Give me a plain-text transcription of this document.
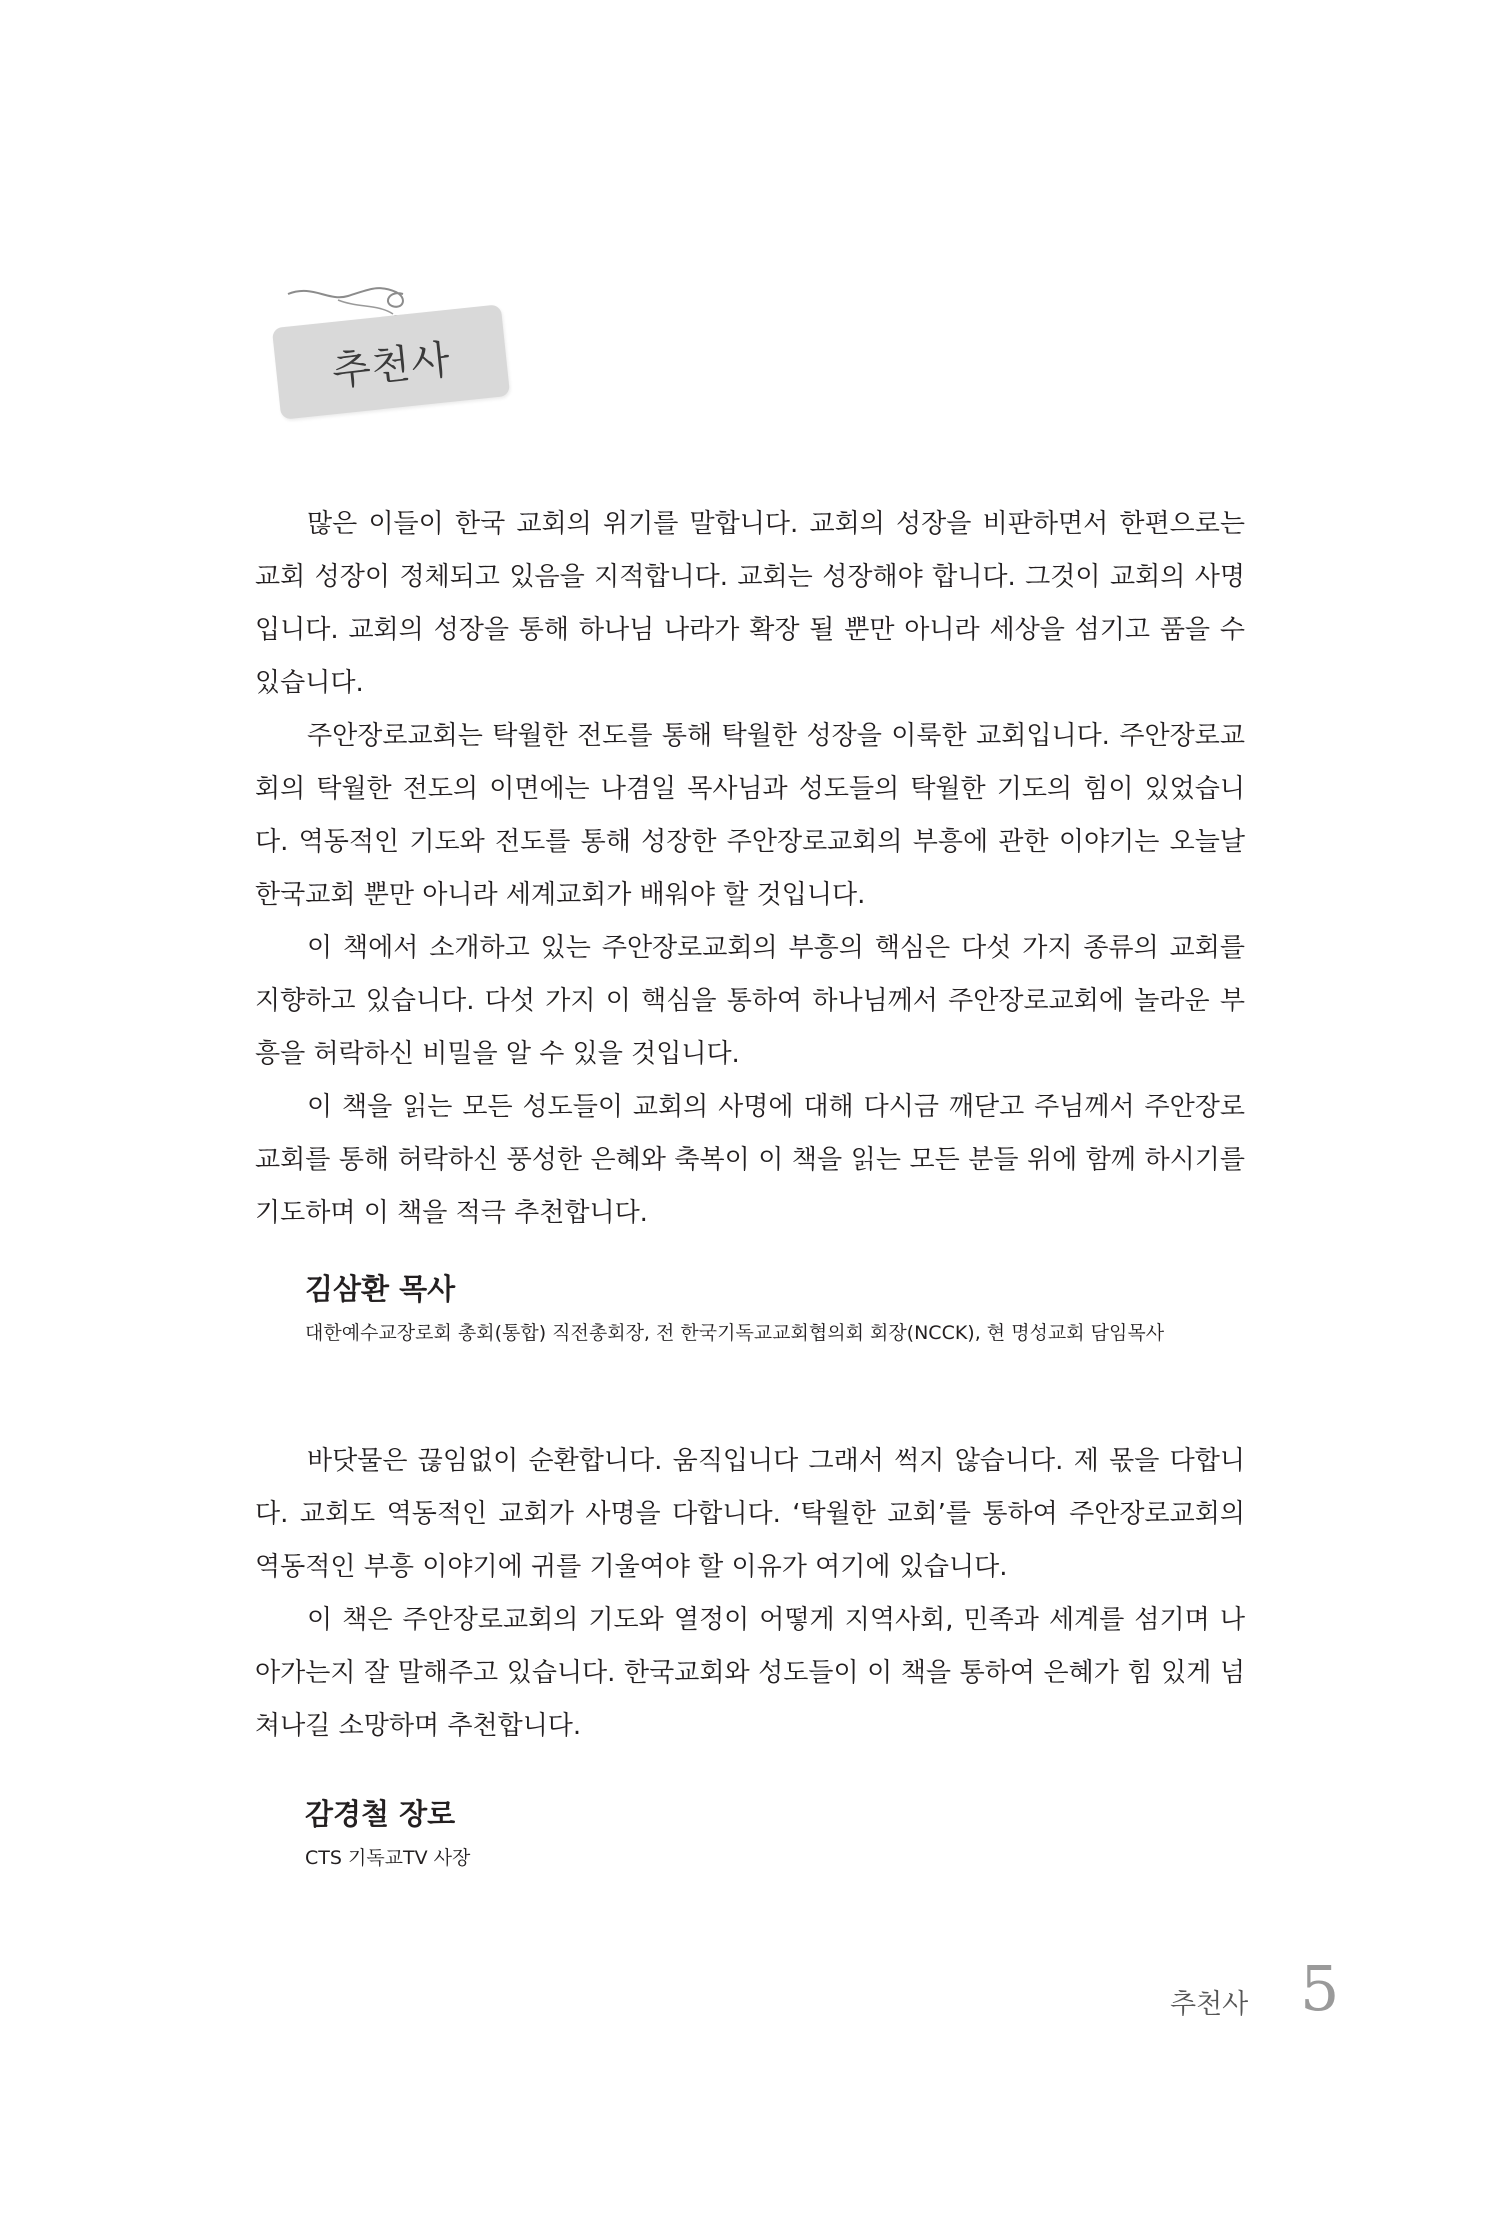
추천사

많은 이들이 한국 교회의 위기를 말합니다. 교회의 성장을 비판하면서 한편으로는 교회 성장이 정체되고 있음을 지적합니다. 교회는 성장해야 합니다. 그것이 교회의 사명입니다. 교회의 성장을 통해 하나님 나라가 확장 될 뿐만 아니라 세상을 섬기고 품을 수 있습니다.

주안장로교회는 탁월한 전도를 통해 탁월한 성장을 이룩한 교회입니다. 주안장로교회의 탁월한 전도의 이면에는 나겸일 목사님과 성도들의 탁월한 기도의 힘이 있었습니다. 역동적인 기도와 전도를 통해 성장한 주안장로교회의 부흥에 관한 이야기는 오늘날 한국교회 뿐만 아니라 세계교회가 배워야 할 것입니다.

이 책에서 소개하고 있는 주안장로교회의 부흥의 핵심은 다섯 가지 종류의 교회를 지향하고 있습니다. 다섯 가지 이 핵심을 통하여 하나님께서 주안장로교회에 놀라운 부흥을 허락하신 비밀을 알 수 있을 것입니다.

이 책을 읽는 모든 성도들이 교회의 사명에 대해 다시금 깨닫고 주님께서 주안장로교회를 통해 허락하신 풍성한 은혜와 축복이 이 책을 읽는 모든 분들 위에 함께 하시기를 기도하며 이 책을 적극 추천합니다.

김삼환 목사
대한예수교장로회 총회(통합) 직전총회장, 전 한국기독교교회협의회 회장(NCCK), 현 명성교회 담임목사

바닷물은 끊임없이 순환합니다. 움직입니다 그래서 썩지 않습니다. 제 몫을 다합니다. 교회도 역동적인 교회가 사명을 다합니다. ‘탁월한 교회’를 통하여 주안장로교회의 역동적인 부흥 이야기에 귀를 기울여야 할 이유가 여기에 있습니다.

이 책은 주안장로교회의 기도와 열정이 어떻게 지역사회, 민족과 세계를 섬기며 나아가는지 잘 말해주고 있습니다. 한국교회와 성도들이 이 책을 통하여 은혜가 힘 있게 넘쳐나길 소망하며 추천합니다.

감경철 장로
CTS 기독교TV 사장
추천사 5
